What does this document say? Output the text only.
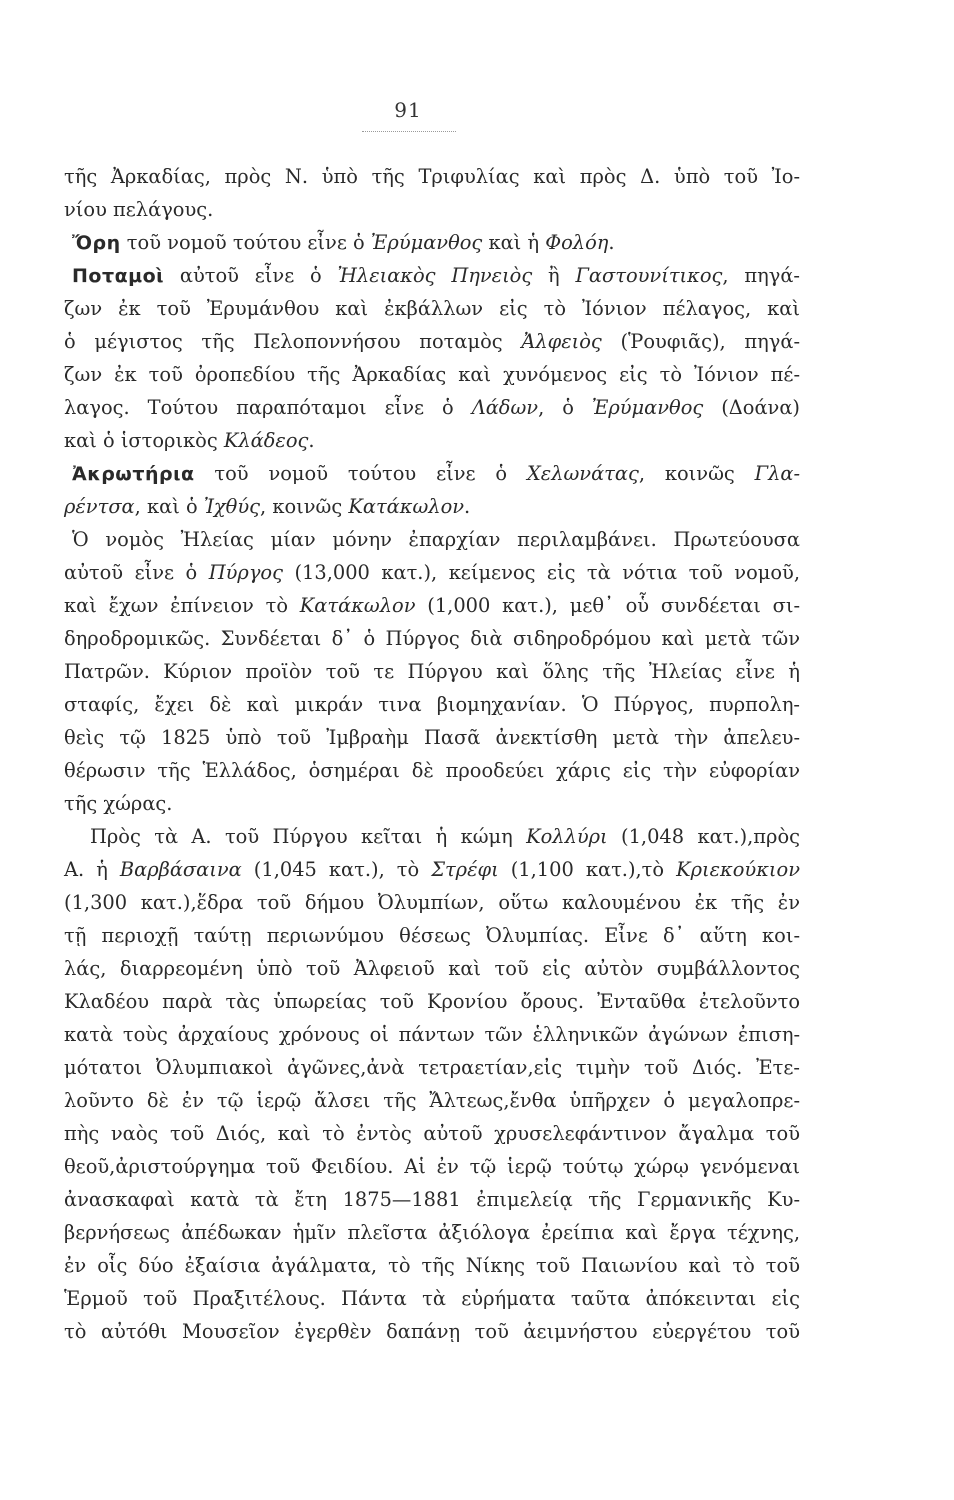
91
τῆς Ἀρκαδίας, πρὸς Ν. ὑπὸ τῆς Τριφυλίας καὶ πρὸς Δ. ὑπὸ τοῦ Ἰο-
νίου πελάγους.
Ὄρη τοῦ νομοῦ τούτου εἶνε ὁ Ἐρύμανθος καὶ ἡ Φολόη.
Ποταμοὶ αὐτοῦ εἶνε ὁ Ἠλειακὸς Πηνειὸς ἢ Γαστουνίτικος, πηγά-
ζων ἐκ τοῦ Ἐρυμάνθου καὶ ἐκβάλλων εἰς τὸ Ἰόνιον πέλαγος, καὶ
ὁ μέγιστος τῆς Πελοποννήσου ποταμὸς Ἀλφειὸς (Ῥουφιᾶς), πηγά-
ζων ἐκ τοῦ ὀροπεδίου τῆς Ἀρκαδίας καὶ χυνόμενος εἰς τὸ Ἰόνιον πέ-
λαγος. Τούτου παραπόταμοι εἶνε ὁ Λάδων, ὁ Ἐρύμανθος (Δοάνα)
καὶ ὁ ἱστορικὸς Κλάδεος.
Ἀκρωτήρια τοῦ νομοῦ τούτου εἶνε ὁ Χελωνάτας, κοινῶς Γλα-
ρέντσα, καὶ ὁ Ἰχθύς, κοινῶς Κατάκωλον.
Ὁ νομὸς Ἠλείας μίαν μόνην ἐπαρχίαν περιλαμβάνει. Πρωτεύουσα
αὐτοῦ εἶνε ὁ Πύργος (13,000 κατ.), κείμενος εἰς τὰ νότια τοῦ νομοῦ,
καὶ ἔχων ἐπίνειον τὸ Κατάκωλον (1,000 κατ.), μεθ᾽ οὗ συνδέεται σι-
δηροδρομικῶς. Συνδέεται δ᾽ ὁ Πύργος διὰ σιδηροδρόμου καὶ μετὰ τῶν
Πατρῶν. Κύριον προϊὸν τοῦ τε Πύργου καὶ ὅλης τῆς Ἠλείας εἶνε ἡ
σταφίς, ἔχει δὲ καὶ μικράν τινα βιομηχανίαν. Ὁ Πύργος, πυρπολη-
θεὶς τῷ 1825 ὑπὸ τοῦ Ἰμβραὴμ Πασᾶ ἀνεκτίσθη μετὰ τὴν ἀπελευ-
θέρωσιν τῆς Ἑλλάδος, ὁσημέραι δὲ προοδεύει χάρις εἰς τὴν εὐφορίαν
τῆς χώρας.
Πρὸς τὰ Α. τοῦ Πύργου κεῖται ἡ κώμη Κολλύρι (1,048 κατ.),πρὸς
Α. ἡ Βαρβάσαινα (1,045 κατ.), τὸ Στρέφι (1,100 κατ.),τὸ Κριεκούκιον
(1,300 κατ.),ἕδρα τοῦ δήμου Ὀλυμπίων, οὕτω καλουμένου ἐκ τῆς ἐν
τῇ περιοχῇ ταύτῃ περιωνύμου θέσεως Ὀλυμπίας. Εἶνε δ᾽ αὕτη κοι-
λάς, διαρρεομένη ὑπὸ τοῦ Ἀλφειοῦ καὶ τοῦ εἰς αὐτὸν συμβάλλοντος
Κλαδέου παρὰ τὰς ὑπωρείας τοῦ Κρονίου ὄρους. Ἐνταῦθα ἐτελοῦντο
κατὰ τοὺς ἀρχαίους χρόνους οἱ πάντων τῶν ἑλληνικῶν ἀγώνων ἐπιση-
μότατοι Ὀλυμπιακοὶ ἀγῶνες,ἀνὰ τετραετίαν,εἰς τιμὴν τοῦ Διός. Ἐτε-
λοῦντο δὲ ἐν τῷ ἱερῷ ἄλσει τῆς Ἄλτεως,ἔνθα ὑπῆρχεν ὁ μεγαλοπρε-
πὴς ναὸς τοῦ Διός, καὶ τὸ ἐντὸς αὐτοῦ χρυσελεφάντινον ἄγαλμα τοῦ
θεοῦ,ἀριστούργημα τοῦ Φειδίου. Αἱ ἐν τῷ ἱερῷ τούτῳ χώρῳ γενόμεναι
ἀνασκαφαὶ κατὰ τὰ ἔτη 1875—1881 ἐπιμελείᾳ τῆς Γερμανικῆς Κυ-
βερνήσεως ἀπέδωκαν ἡμῖν πλεῖστα ἀξιόλογα ἐρείπια καὶ ἔργα τέχνης,
ἐν οἷς δύο ἐξαίσια ἀγάλματα, τὸ τῆς Νίκης τοῦ Παιωνίου καὶ τὸ τοῦ
Ἑρμοῦ τοῦ Πραξιτέλους. Πάντα τὰ εὑρήματα ταῦτα ἀπόκεινται εἰς
τὸ αὐτόθι Μουσεῖον ἐγερθὲν δαπάνῃ τοῦ ἀειμνήστου εὐεργέτου τοῦ
